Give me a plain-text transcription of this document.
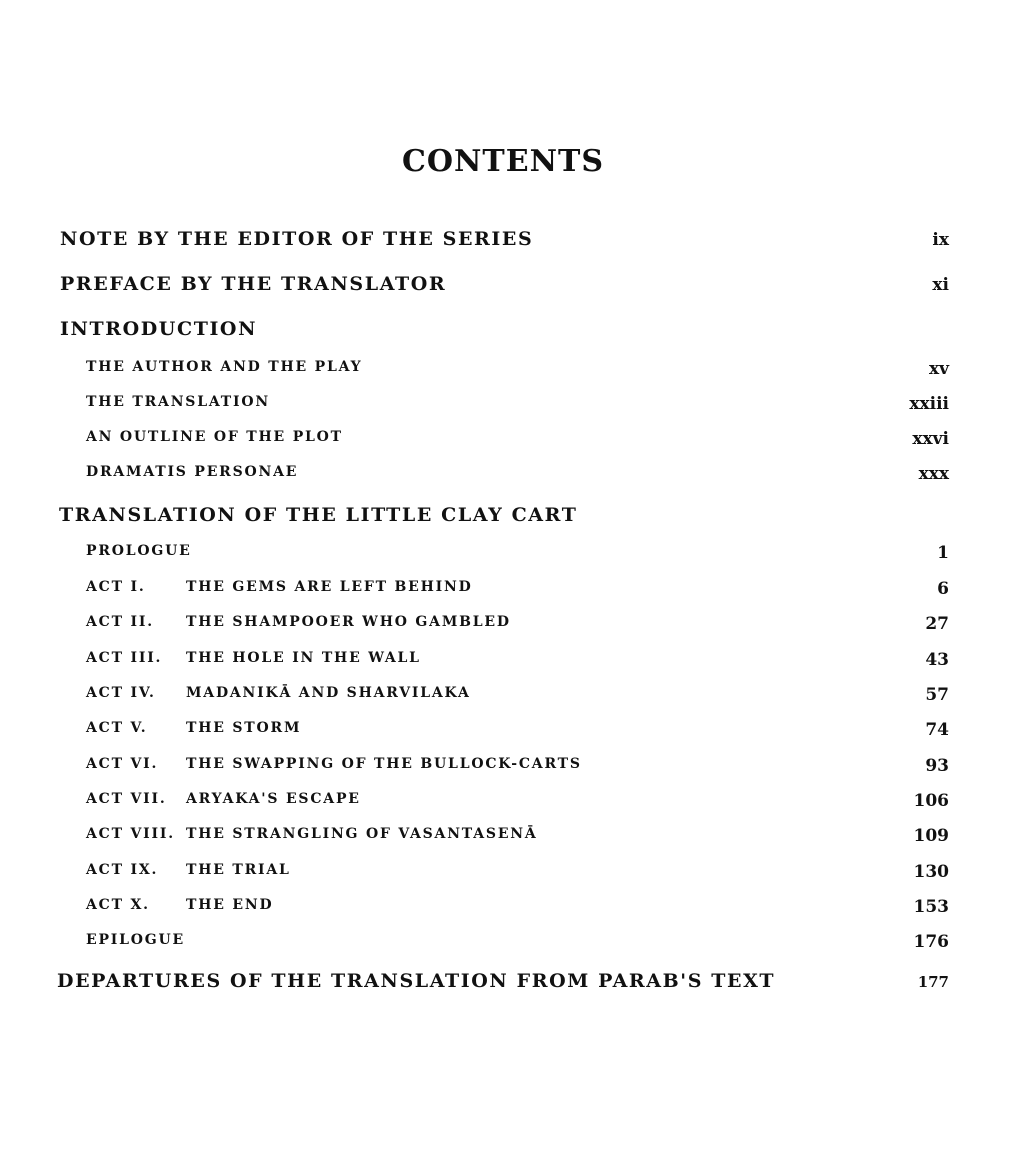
CONTENTS
NOTE BY THE EDITOR OF THE SERIES	ix
PREFACE BY THE TRANSLATOR	xi
INTRODUCTION
THE AUTHOR AND THE PLAY	xv
THE TRANSLATION	xxiii
AN OUTLINE OF THE PLOT	xxvi
DRAMATIS PERSONAE	xxx
TRANSLATION OF THE LITTLE CLAY CART
PROLOGUE	1
ACT I.	THE GEMS ARE LEFT BEHIND	6
ACT II. THE SHAMPOOER WHO GAMBLED	27
ACT III. THE HOLE IN THE WALL	43
ACT IV. MADANIKĀ AND SHARVILAKA	57
ACT V.	THE STORM	74
ACT VI. THE SWAPPING OF THE BULLOCK-CARTS	93
ACT VII. ARYAKA'S ESCAPE	106
ACT VIII. THE STRANGLING OF VASANTASENĀ	109
ACT IX. THE TRIAL	130
ACT X.	THE END	153
EPILOGUE	176
DEPARTURES OF THE TRANSLATION FROM PARAB'S TEXT	177
